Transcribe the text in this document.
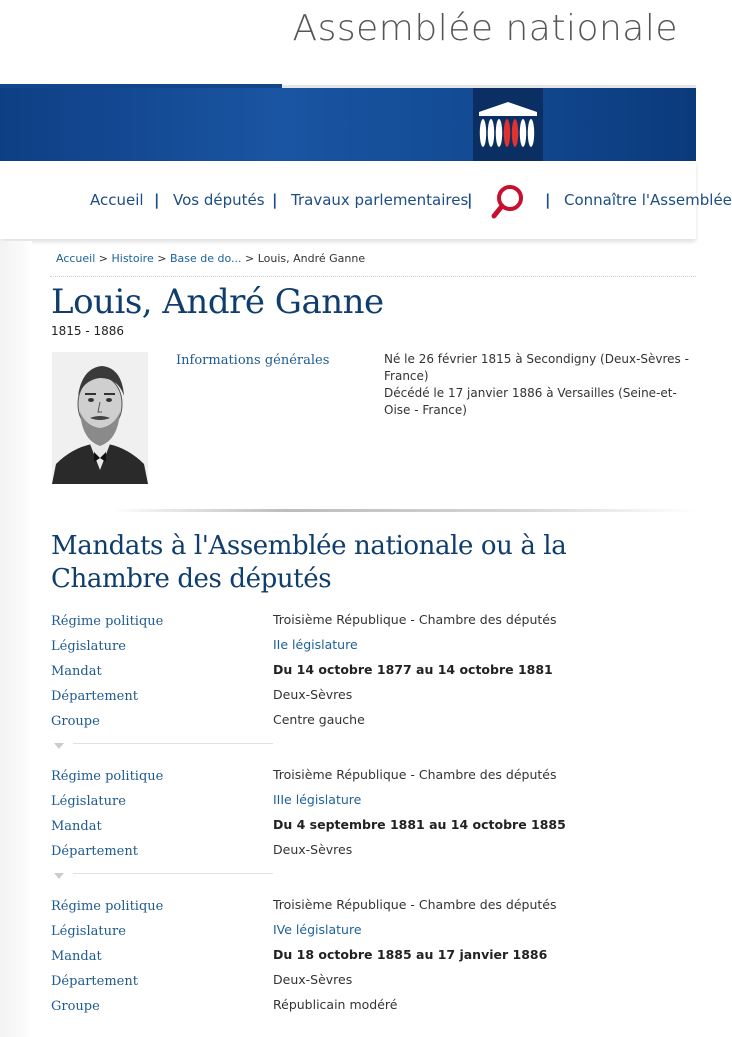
Assemblée nationale
Accueil | Vos députés | Travaux parlementaires
|	| Connaître l'Assemblée
Accueil > Histoire > Base de do... > Louis, André Ganne
Louis, André Ganne
1815 - 1886
Informations générales	Né le 26 février 1815 à Secondigny (Deux-Sèvres - France)
Décédé le 17 janvier 1886 à Versailles (Seine-et-Oise - France)
Mandats à l'Assemblée nationale ou à la Chambre des députés
Régime politique	Troisième République - Chambre des députés
Législature	IIe législature
Mandat	Du 14 octobre 1877 au 14 octobre 1881
Département	Deux-Sèvres
Groupe	Centre gauche
Régime politique	Troisième République - Chambre des députés
Législature	IIIe législature
Mandat	Du 4 septembre 1881 au 14 octobre 1885
Département	Deux-Sèvres
Régime politique	Troisième République - Chambre des députés
Législature	IVe législature
Mandat	Du 18 octobre 1885 au 17 janvier 1886
Département	Deux-Sèvres
Groupe	Républicain modéré
